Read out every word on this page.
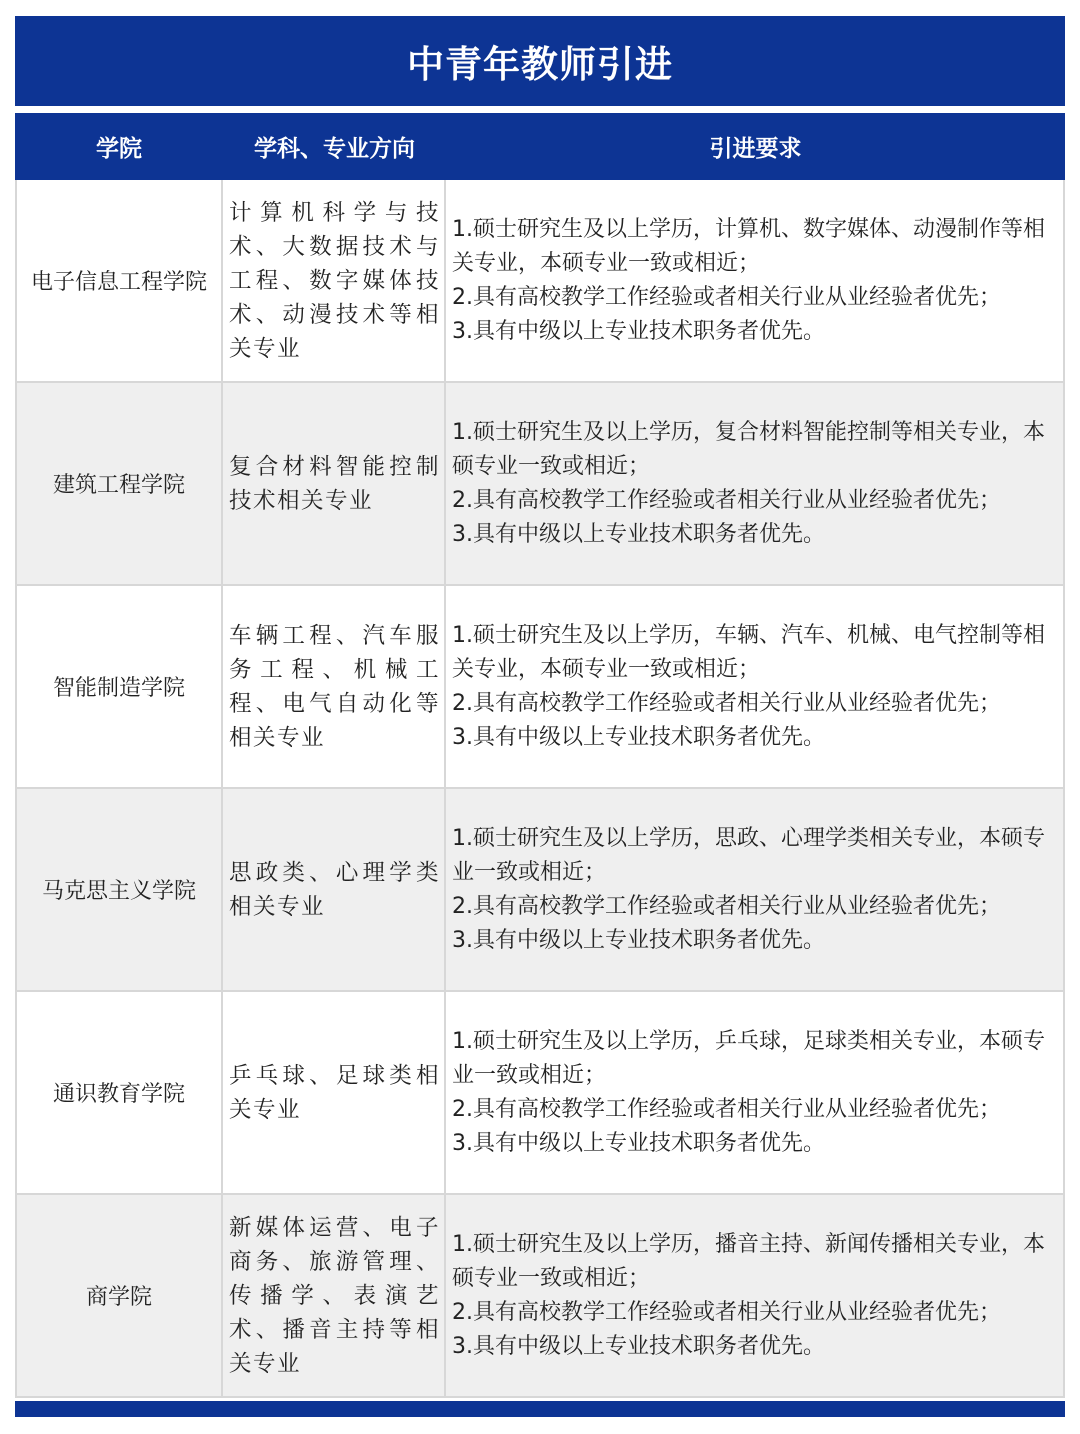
中青年教师引进
学院	学科、专业方向	引进要求
电子信息工程学院
计算机科学与技术、大数据技术与工程、数字媒体技术、动漫技术等相关专业
1.硕士研究生及以上学历，计算机、数字媒体、动漫制作等相关专业，本硕专业一致或相近；
2.具有高校教学工作经验或者相关行业从业经验者优先；
3.具有中级以上专业技术职务者优先。
建筑工程学院
复合材料智能控制技术相关专业
1.硕士研究生及以上学历，复合材料智能控制等相关专业，本硕专业一致或相近；
2.具有高校教学工作经验或者相关行业从业经验者优先；
3.具有中级以上专业技术职务者优先。
智能制造学院
车辆工程、汽车服务工程、机械工程、电气自动化等相关专业
1.硕士研究生及以上学历，车辆、汽车、机械、电气控制等相关专业，本硕专业一致或相近；
2.具有高校教学工作经验或者相关行业从业经验者优先；
3.具有中级以上专业技术职务者优先。
马克思主义学院
思政类、心理学类相关专业
1.硕士研究生及以上学历，思政、心理学类相关专业，本硕专业一致或相近；
2.具有高校教学工作经验或者相关行业从业经验者优先；
3.具有中级以上专业技术职务者优先。
通识教育学院
乒乓球、足球类相关专业
1.硕士研究生及以上学历，乒乓球，足球类相关专业，本硕专业一致或相近；
2.具有高校教学工作经验或者相关行业从业经验者优先；
3.具有中级以上专业技术职务者优先。
商学院
新媒体运营、电子商务、旅游管理、传播学、表演艺术、播音主持等相关专业
1.硕士研究生及以上学历，播音主持、新闻传播相关专业，本硕专业一致或相近；
2.具有高校教学工作经验或者相关行业从业经验者优先；
3.具有中级以上专业技术职务者优先。
